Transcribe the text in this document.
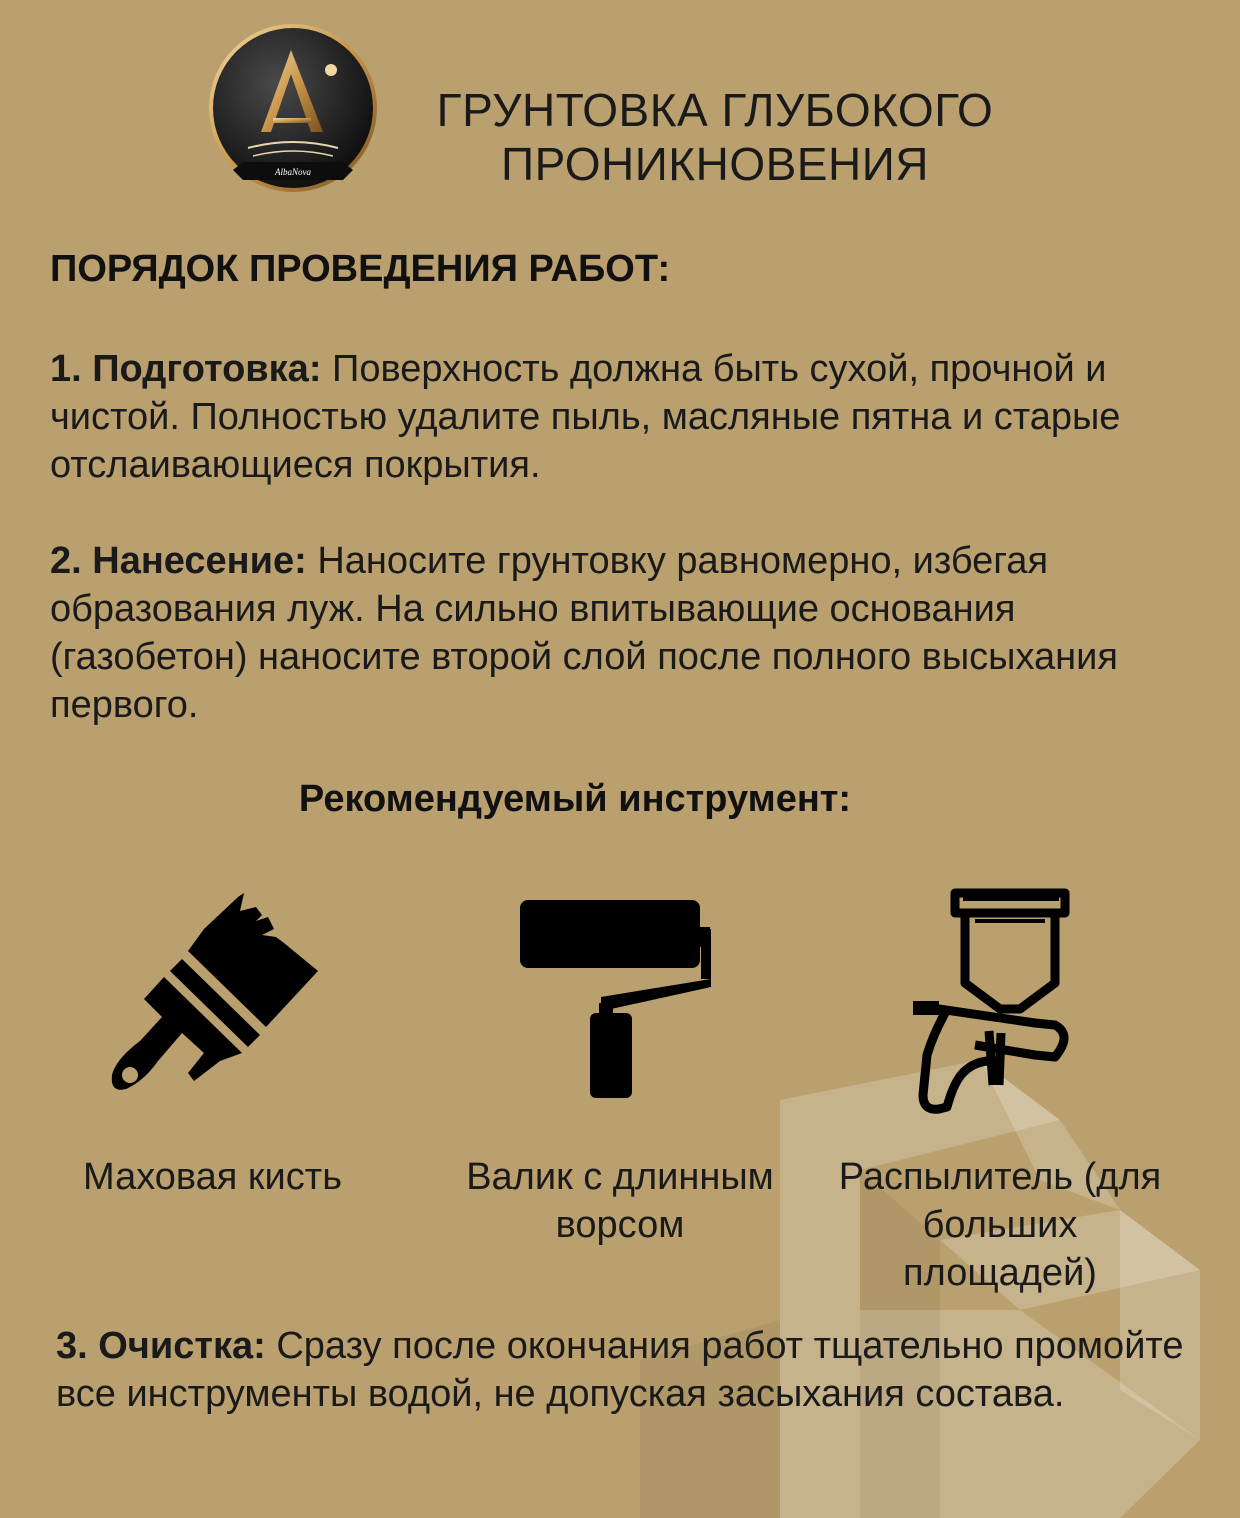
AlbaNova
ГРУНТОВКА ГЛУБОКОГО
ПРОНИКНОВЕНИЯ
ПОРЯДОК ПРОВЕДЕНИЯ РАБОТ:
1. Подготовка: Поверхность должна быть сухой, прочной и чистой. Полностью удалите пыль, масляные пятна и старые отслаивающиеся покрытия.
2. Нанесение: Наносите грунтовку равномерно, избегая образования луж. На сильно впитывающие основания (газобетон) наносите второй слой после полного высыхания первого.
Рекомендуемый инструмент:
Маховая кисть	Валик с длинным ворсом
Распылитель (для больших площадей)
3. Очистка: Сразу после окончания работ тщательно промойте все инструменты водой, не допуская засыхания состава.
